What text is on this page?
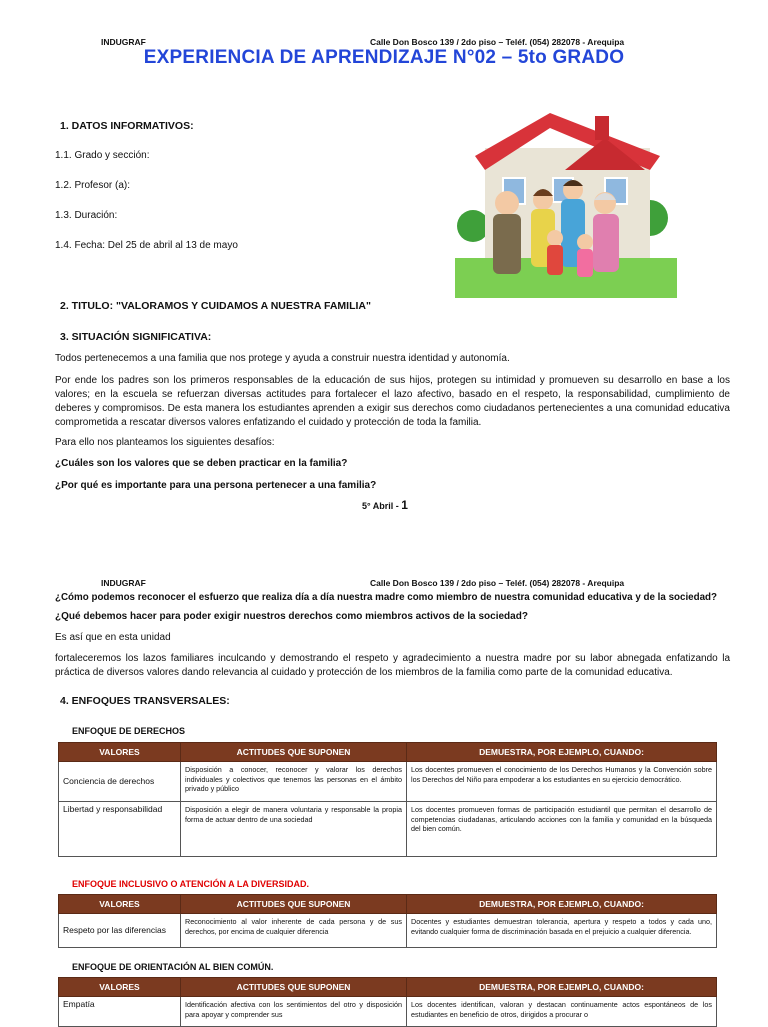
INDUGRAF	Calle Don Bosco 139 / 2do piso – Teléf. (054) 282078 - Arequipa
EXPERIENCIA DE APRENDIZAJE N°02 – 5to GRADO
1. DATOS INFORMATIVOS:
1.1. Grado y sección:
1.2. Profesor (a):
1.3. Duración:
1.4. Fecha: Del 25 de abril al 13 de mayo
2. TITULO: "VALORAMOS Y CUIDAMOS A NUESTRA FAMILIA"
3. SITUACIÓN SIGNIFICATIVA:
Todos pertenecemos a una familia que nos protege y ayuda a construir nuestra identidad y autonomía.
Por ende los padres son los primeros responsables de la educación de sus hijos, protegen su intimidad y promueven su desarrollo en base a los valores; en la escuela se refuerzan diversas actitudes para fortalecer el lazo afectivo, basado en el respeto, la responsabilidad, cumplimiento de deberes y compromisos. De esta manera los estudiantes aprenden a exigir sus derechos como ciudadanos pertenecientes a una comunidad educativa comprometida a rescatar diversos valores enfatizando el cuidado y protección de toda la familia.
Para ello nos planteamos los siguientes desafíos:
¿Cuáles son los valores que se deben practicar en la familia?
¿Por qué es importante para una persona pertenecer a una familia?
5° Abril - 1
INDUGRAF	Calle Don Bosco 139 / 2do piso – Teléf. (054) 282078 - Arequipa
¿Cómo podemos reconocer el esfuerzo que realiza día a día nuestra madre como miembro de nuestra comunidad educativa y de la sociedad?
¿Qué debemos hacer para poder exigir nuestros derechos como miembros activos de la sociedad?
Es así que en esta unidad
fortaleceremos los lazos familiares inculcando y demostrando el respeto y agradecimiento a nuestra madre por su labor abnegada enfatizando la práctica de diversos valores dando relevancia al cuidado y protección de los miembros de la familia como parte de la comunidad educativa.
4. ENFOQUES TRANSVERSALES:
ENFOQUE DE DERECHOS
VALORES	ACTITUDES QUE SUPONEN	DEMUESTRA, POR EJEMPLO, CUANDO:
Conciencia de derechos	Disposición a conocer, reconocer y valorar los derechos individuales y colectivos que tenemos las personas en el ámbito privado y público	Los docentes promueven el conocimiento de los Derechos Humanos y la Convención sobre los Derechos del Niño para empoderar a los estudiantes en su ejercicio democrático.
Libertad y responsabilidad	Disposición a elegir de manera voluntaria y responsable la propia forma de actuar dentro de una sociedad	Los docentes promueven formas de participación estudiantil que permitan el desarrollo de competencias ciudadanas, articulando acciones con la familia y comunidad en la búsqueda del bien común.
ENFOQUE INCLUSIVO O ATENCIÓN A LA DIVERSIDAD.
VALORES	ACTITUDES QUE SUPONEN	DEMUESTRA, POR EJEMPLO, CUANDO:
Respeto por las diferencias	Reconocimiento al valor inherente de cada persona y de sus derechos, por encima de cualquier diferencia	Docentes y estudiantes demuestran tolerancia, apertura y respeto a todos y cada uno, evitando cualquier forma de discriminación basada en el prejuicio a cualquier diferencia.
ENFOQUE DE ORIENTACIÓN AL BIEN COMÚN.
VALORES	ACTITUDES QUE SUPONEN	DEMUESTRA, POR EJEMPLO, CUANDO:
Empatía	Identificación afectiva con los sentimientos del otro y disposición para apoyar y comprender sus	Los docentes identifican, valoran y destacan continuamente actos espontáneos de los estudiantes en beneficio de otros, dirigidos a procurar o
